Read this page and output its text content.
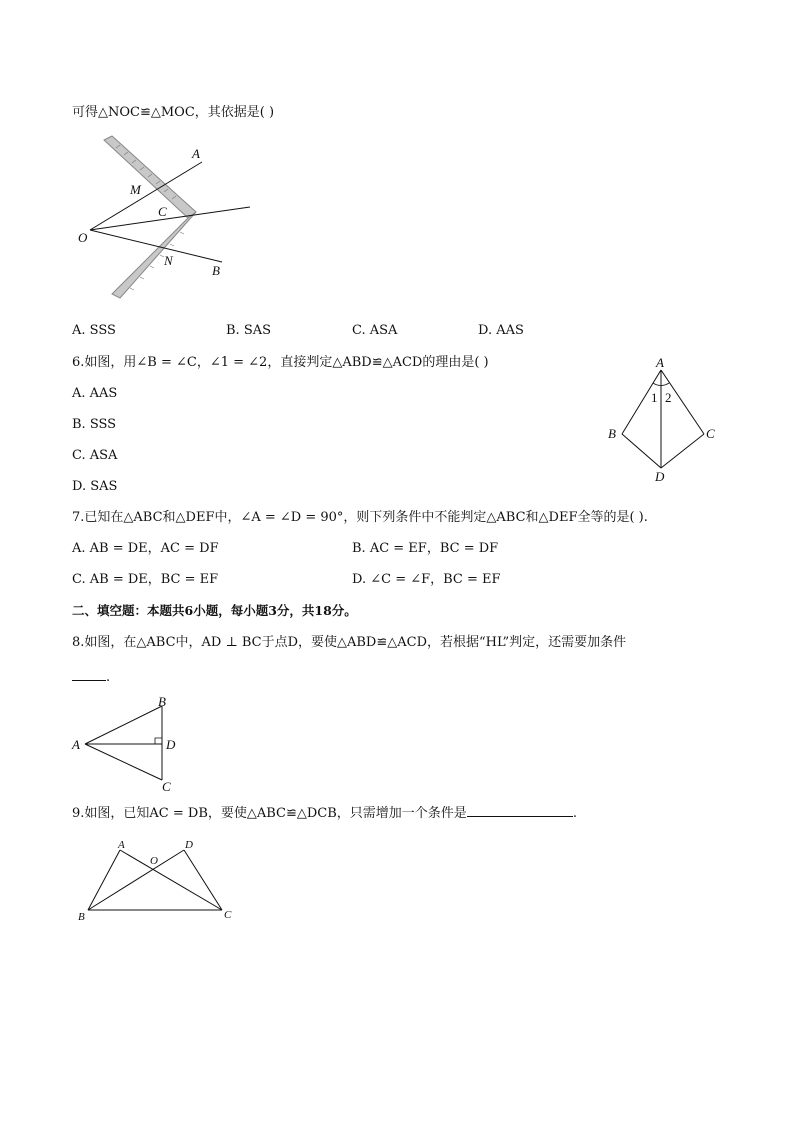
可得△NOC≌△MOC，其依据是( )
A
M
C
O
N
B
A. SSS	B. SAS	C. ASA	D. AAS
6.如图，用∠B = ∠C，∠1 = ∠2，直接判定△ABD≌△ACD的理由是( )
A. AAS
B. SSS
C. ASA
D. SAS
A
1 2
B	C
D
7.已知在△ABC和△DEF中，∠A = ∠D = 90°，则下列条件中不能判定△ABC和△DEF全等的是( ).
A. AB = DE，AC = DF	B. AC = EF，BC = DF
C. AB = DE，BC = EF	D. ∠C = ∠F，BC = EF
二、填空题：本题共6小题，每小题3分，共18分。
8.如图，在△ABC中，AD ⊥ BC于点D，要使△ABD≌△ACD，若根据“HL”判定，还需要加条件
.
B
A	D
C
9.如图，已知AC = DB，要使△ABC≌△DCB，只需增加一个条件是	.
A
O
D
B	C
